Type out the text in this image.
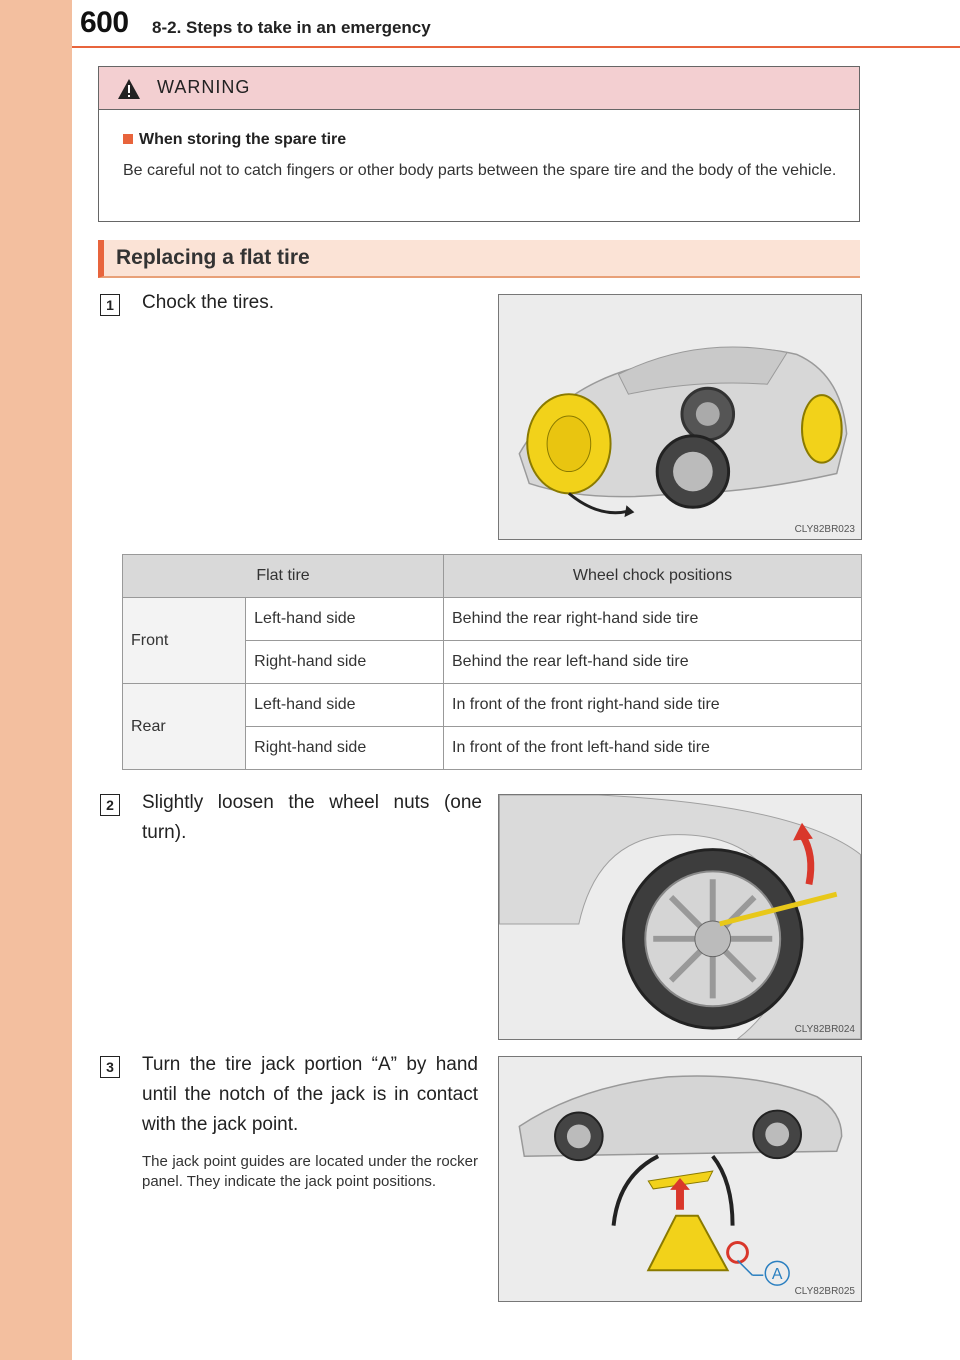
600 8-2. Steps to take in an emergency
WARNING
When storing the spare tire
Be careful not to catch fingers or other body parts between the spare tire and the body of the vehicle.
Replacing a flat tire
1	Chock the tires.
CLY82BR023
Flat tire		Wheel chock positions
Front	Left-hand side	Behind the rear right-hand side tire
	Right-hand side	Behind the rear left-hand side tire
Rear	Left-hand side	In front of the front right-hand side tire
	Right-hand side	In front of the front left-hand side tire
2	Slightly loosen the wheel nuts (one turn).
CLY82BR024
3	Turn the tire jack portion “A” by hand until the notch of the jack is in contact with the jack point.
The jack point guides are located under the rocker panel. They indicate the jack point positions.
A
CLY82BR025
